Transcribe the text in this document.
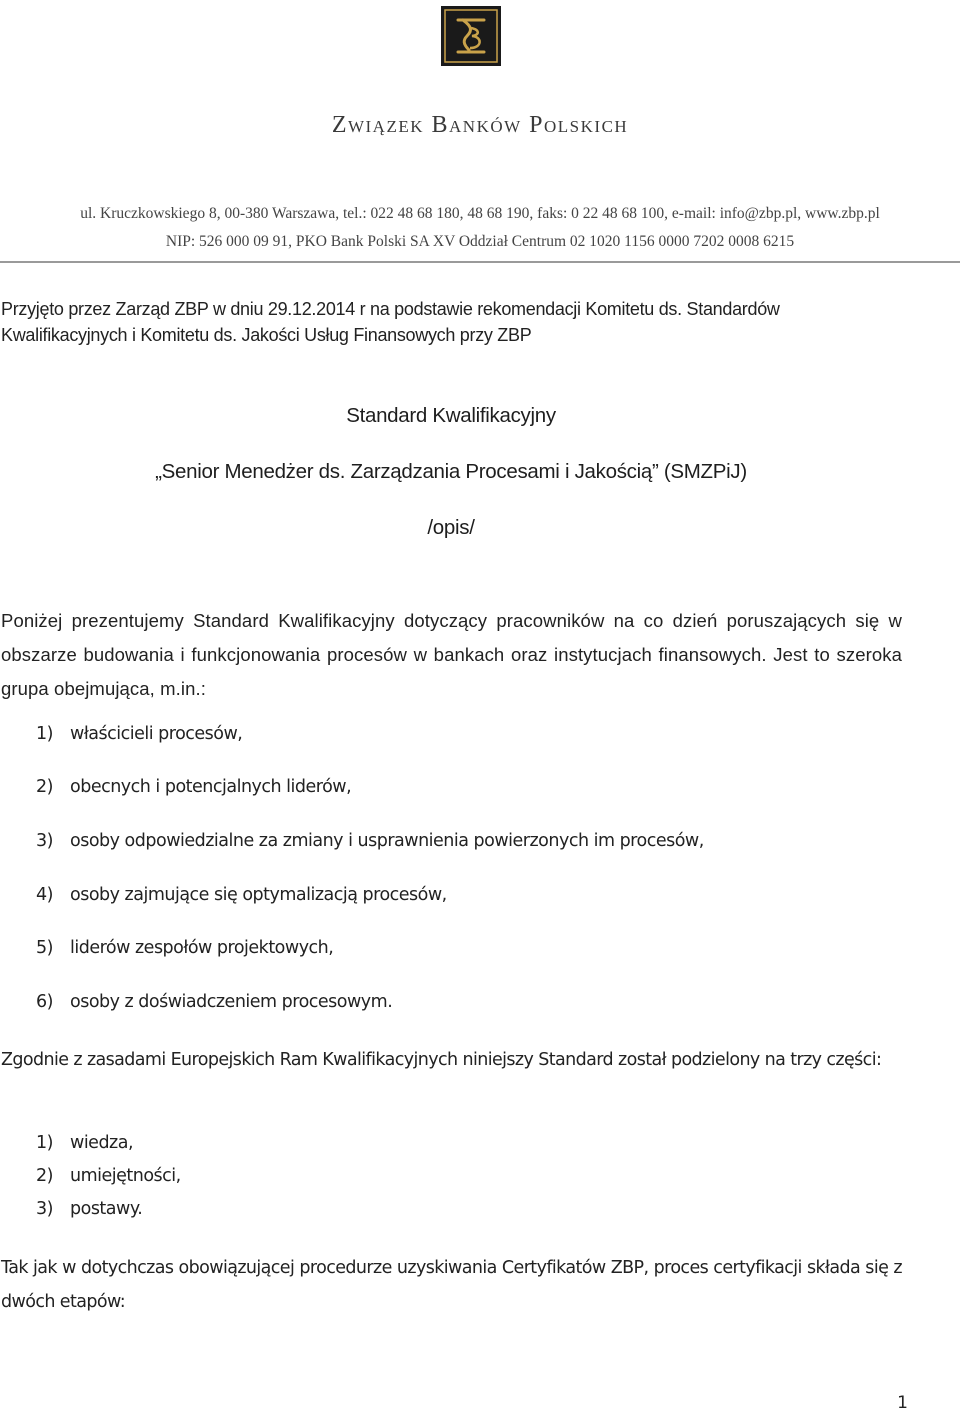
Związek Banków Polskich
ul. Kruczkowskiego 8, 00-380 Warszawa, tel.: 022 48 68 180, 48 68 190, faks: 0 22 48 68 100, e-mail: info@zbp.pl, www.zbp.pl
NIP: 526 000 09 91, PKO Bank Polski SA XV Oddział Centrum 02 1020 1156 0000 7202 0008 6215
Przyjęto przez Zarząd ZBP w dniu 29.12.2014 r na podstawie rekomendacji Komitetu ds. Standardów Kwalifikacyjnych i Komitetu ds. Jakości Usług Finansowych przy ZBP
Standard Kwalifikacyjny
„Senior Menedżer ds. Zarządzania Procesami i Jakością” (SMZPiJ)
/opis/
Poniżej prezentujemy Standard Kwalifikacyjny dotyczący pracowników na co dzień poruszających się w obszarze budowania i funkcjonowania procesów w bankach oraz instytucjach finansowych. Jest to szeroka grupa obejmująca, m.in.:
1) właścicieli procesów,
2) obecnych i potencjalnych liderów,
3) osoby odpowiedzialne za zmiany i usprawnienia powierzonych im procesów,
4) osoby zajmujące się optymalizacją procesów,
5) liderów zespołów projektowych,
6) osoby z doświadczeniem procesowym.
Zgodnie z zasadami Europejskich Ram Kwalifikacyjnych niniejszy Standard został podzielony na trzy części:
1) wiedza,
2) umiejętności,
3) postawy.
Tak jak w dotychczas obowiązującej procedurze uzyskiwania Certyfikatów ZBP, proces certyfikacji składa się z dwóch etapów:
1
